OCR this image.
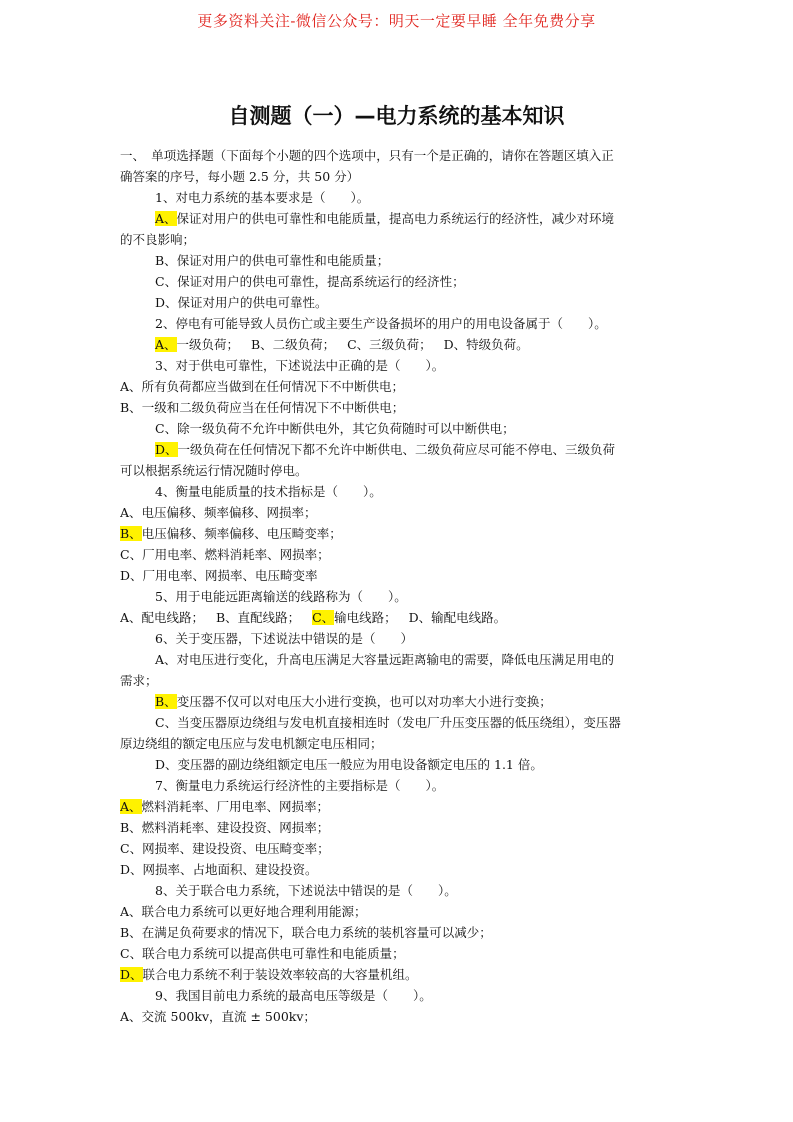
更多资料关注-微信公众号：明天一定要早睡 全年免费分享
自测题（一）—电力系统的基本知识
一、　单项选择题（下面每个小题的四个选项中，只有一个是正确的，请你在答题区填入正
确答案的序号，每小题 2.5 分，共 50 分）
1、对电力系统的基本要求是（　　）。
A、保证对用户的供电可靠性和电能质量，提高电力系统运行的经济性，减少对环境
的不良影响；
B、保证对用户的供电可靠性和电能质量；
C、保证对用户的供电可靠性，提高系统运行的经济性；
D、保证对用户的供电可靠性。
2、停电有可能导致人员伤亡或主要生产设备损坏的用户的用电设备属于（　　）。
A、一级负荷； B、二级负荷； C、三级负荷； D、特级负荷。
3、对于供电可靠性，下述说法中正确的是（　　）。
A、所有负荷都应当做到在任何情况下不中断供电；
B、一级和二级负荷应当在任何情况下不中断供电；
C、除一级负荷不允许中断供电外，其它负荷随时可以中断供电；
D、一级负荷在任何情况下都不允许中断供电、二级负荷应尽可能不停电、三级负荷
可以根据系统运行情况随时停电。
4、衡量电能质量的技术指标是（　　）。
A、电压偏移、频率偏移、网损率；
B、电压偏移、频率偏移、电压畸变率；
C、厂用电率、燃料消耗率、网损率；
D、厂用电率、网损率、电压畸变率
5、用于电能远距离输送的线路称为（　　）。
A、配电线路； B、直配线路； C、输电线路； D、输配电线路。
6、关于变压器，下述说法中错误的是（　　）
A、对电压进行变化，升高电压满足大容量远距离输电的需要，降低电压满足用电的
需求；
B、变压器不仅可以对电压大小进行变换，也可以对功率大小进行变换；
C、当变压器原边绕组与发电机直接相连时（发电厂升压变压器的低压绕组），变压器
原边绕组的额定电压应与发电机额定电压相同；
D、变压器的副边绕组额定电压一般应为用电设备额定电压的 1.1 倍。
7、衡量电力系统运行经济性的主要指标是（　　）。
A、燃料消耗率、厂用电率、网损率；
B、燃料消耗率、建设投资、网损率；
C、网损率、建设投资、电压畸变率；
D、网损率、占地面积、建设投资。
8、关于联合电力系统，下述说法中错误的是（　　）。
A、联合电力系统可以更好地合理利用能源；
B、在满足负荷要求的情况下，联合电力系统的装机容量可以减少；
C、联合电力系统可以提高供电可靠性和电能质量；
D、联合电力系统不利于装设效率较高的大容量机组。
9、我国目前电力系统的最高电压等级是（　　）。
A、交流 500kv，直流 ± 500kv；
